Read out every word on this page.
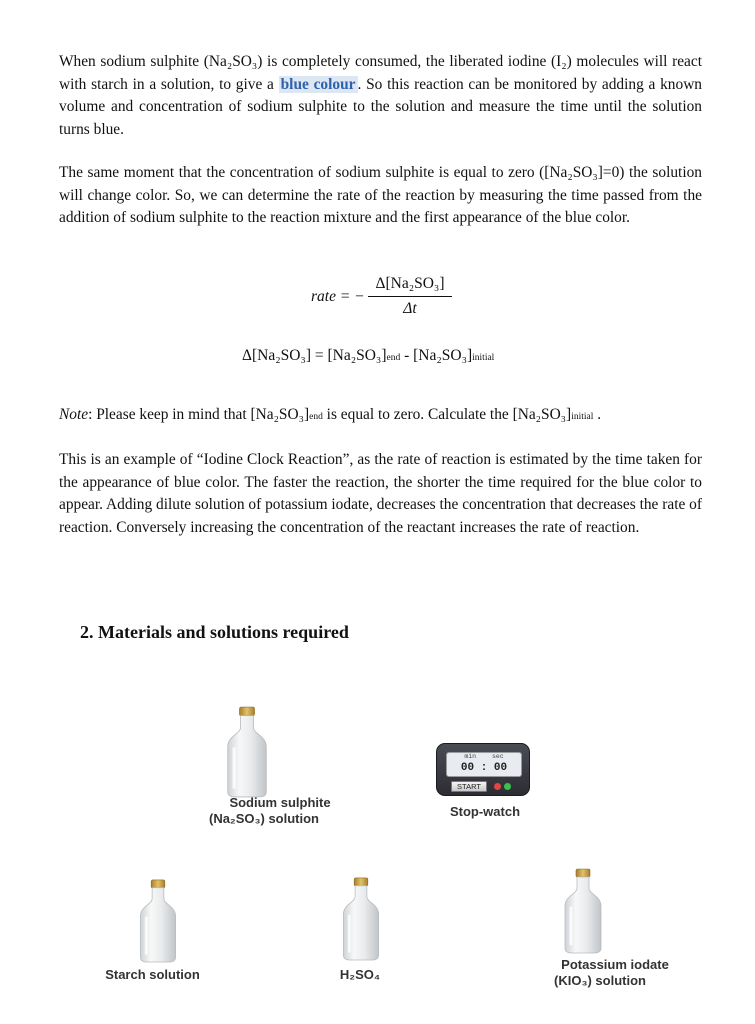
When sodium sulphite (Na₂SO₃) is completely consumed, the liberated iodine (I₂) molecules will react with starch in a solution, to give a blue colour . So this reaction can be monitored by adding a known volume and concentration of sodium sulphite to the solution and measure the time until the solution turns blue.
The same moment that the concentration of sodium sulphite is equal to zero ([Na₂SO₃]=0) the solution will change color. So, we can determine the rate of the reaction by measuring the time passed from the addition of sodium sulphite to the reaction mixture and the first appearance of the blue color.
rate = −
Δ[Na₂SO₃]
Δt
Δ[Na₂SO₃] = [Na₂SO₃]end - [Na₂SO₃]initial
Note: Please keep in mind that [Na₂SO₃]end is equal to zero. Calculate the [Na₂SO₃]initial .
This is an example of “Iodine Clock Reaction”, as the rate of reaction is estimated by the time taken for the appearance of blue color. The faster the reaction, the shorter the time required for the blue color to appear. Adding dilute solution of potassium iodate, decreases the concentration that decreases the rate of reaction. Conversely increasing the concentration of the reactant increases the rate of reaction.
2. Materials and solutions required
Sodium sulphite
(Na₂SO₃) solution
min sec
00 : 00
START
Stop-watch
Starch solution	H₂SO₄
Potassium iodate
(KIO₃) solution
